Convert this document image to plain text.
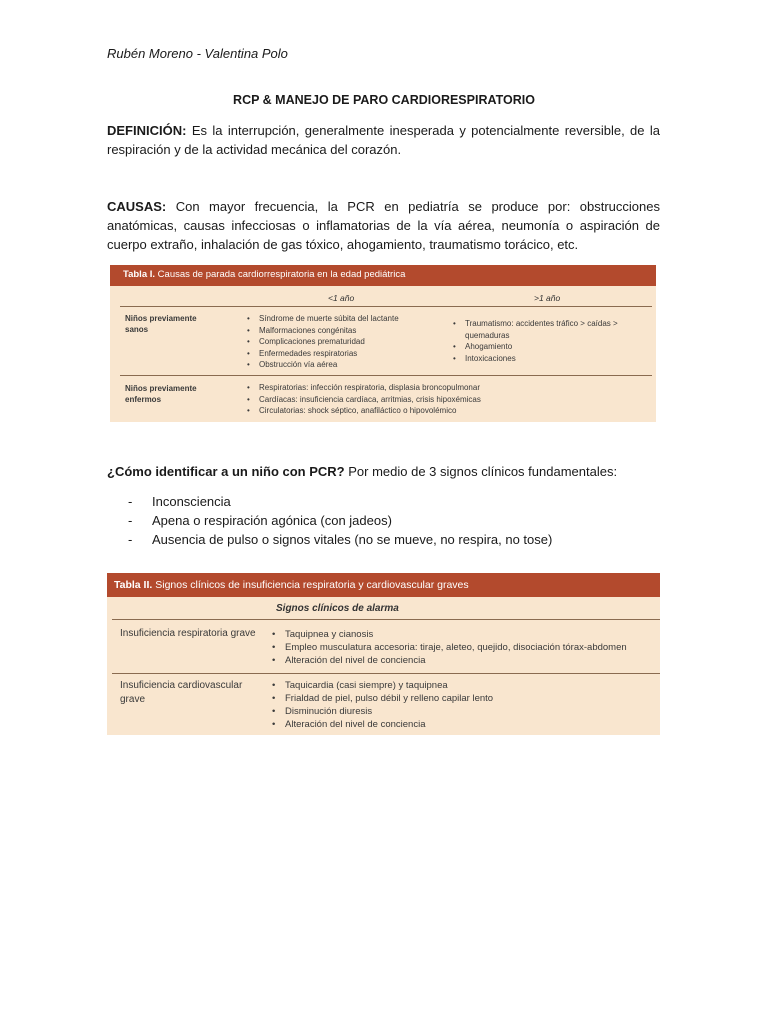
Rubén Moreno - Valentina Polo
RCP & MANEJO DE PARO CARDIORESPIRATORIO

DEFINICIÓN: Es la interrupción, generalmente inesperada y potencialmente reversible, de la respiración y de la actividad mecánica del corazón.

CAUSAS: Con mayor frecuencia, la PCR en pediatría se produce por: obstrucciones anatómicas, causas infecciosas o inflamatorias de la vía aérea, neumonía o aspiración de cuerpo extraño, inhalación de gas tóxico, ahogamiento, traumatismo torácico, etc.

Tabla I. Causas de parada cardiorrespiratoria en la edad pediátrica
<1 año	>1 año
Niños previamente sanos
• Síndrome de muerte súbita del lactante
• Malformaciones congénitas
• Complicaciones prematuridad
• Enfermedades respiratorias
• Obstrucción vía aérea
• Traumatismo: accidentes tráfico > caídas > quemaduras
• Ahogamiento
• Intoxicaciones
Niños previamente enfermos
• Respiratorias: infección respiratoria, displasia broncopulmonar
• Cardíacas: insuficiencia cardíaca, arritmias, crisis hipoxémicas
• Circulatorias: shock séptico, anafiláctico o hipovolémico
¿Cómo identificar a un niño con PCR? Por medio de 3 signos clínicos fundamentales:
- Inconsciencia
- Apena o respiración agónica (con jadeos)
- Ausencia de pulso o signos vitales (no se mueve, no respira, no tose)
Tabla II. Signos clínicos de insuficiencia respiratoria y cardiovascular graves
Signos clínicos de alarma
Insuficiencia respiratoria grave
•	Taquipnea y cianosis
• Empleo musculatura accesoria: tiraje, aleteo, quejido, disociación tórax-abdomen
• Alteración del nivel de conciencia
Insuficiencia cardiovascular grave
• Taquicardia (casi siempre) y taquipnea
• Frialdad de piel, pulso débil y relleno capilar lento
• Disminución diuresis
• Alteración del nivel de conciencia
